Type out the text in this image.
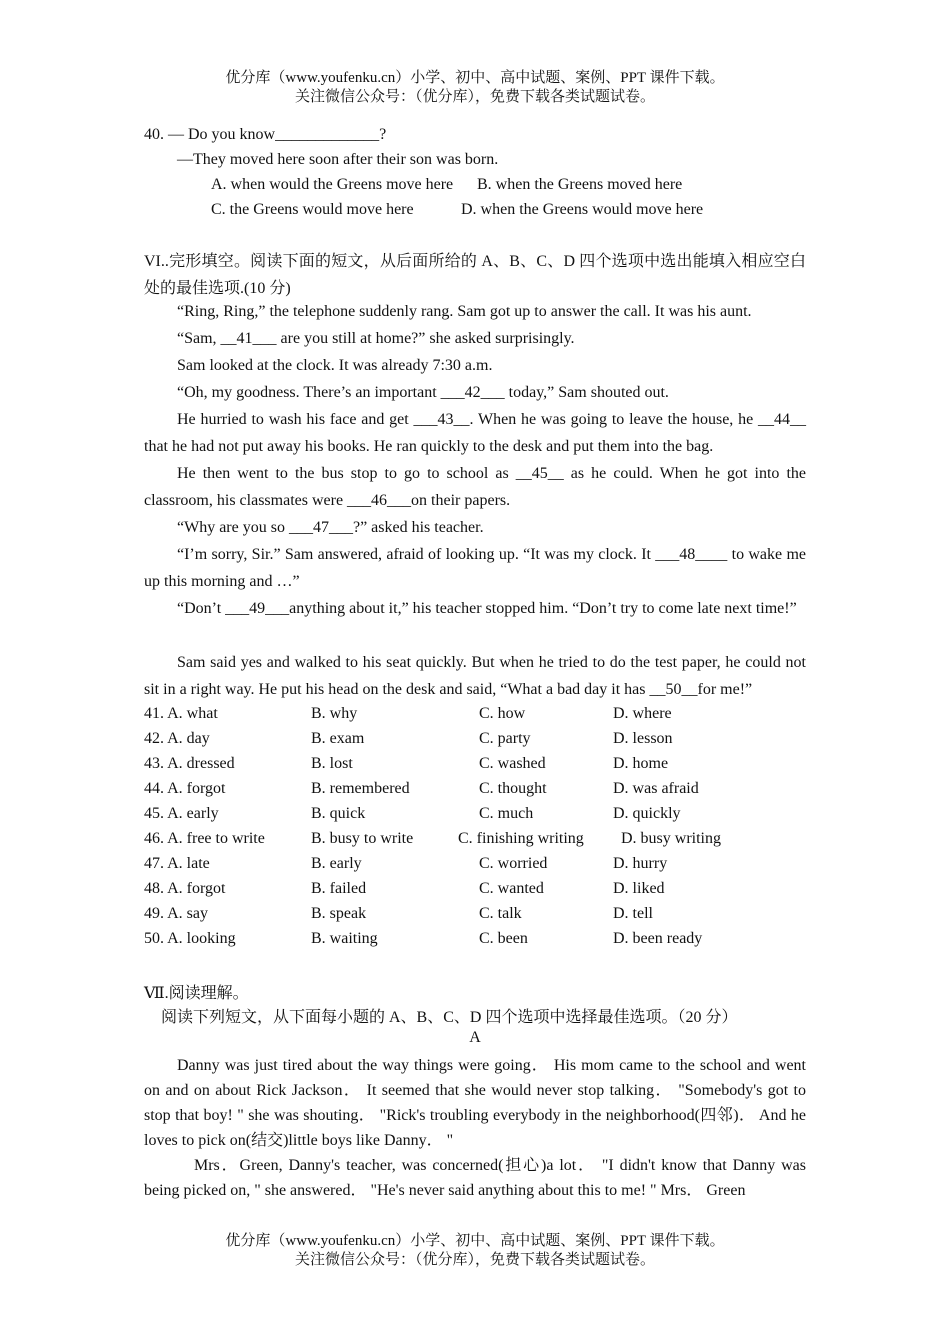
优分库（www.youfenku.cn）小学、初中、高中试题、案例、PPT 课件下载。
关注微信公众号：（优分库），免费下载各类试题试卷。
40. — Do you know_____________?
—They moved here soon after their son was born.
A. when would the Greens move here B. when the Greens moved here
C. the Greens would move here	D. when the Greens would move here
VI..完形填空。阅读下面的短文，从后面所给的 A、B、C、D 四个选项中选出能填入相应空白处的最佳选项.(10 分)
“Ring, Ring,” the telephone suddenly rang. Sam got up to answer the call. It was his aunt.
“Sam, __41___ are you still at home?” she asked surprisingly.
Sam looked at the clock. It was already 7:30 a.m.
“Oh, my goodness. There’s an important ___42___ today,” Sam shouted out.
He hurried to wash his face and get ___43__. When he was going to leave the house, he __44__ that he had not put away his books. He ran quickly to the desk and put them into the bag.
He then went to the bus stop to go to school as __45__ as he could. When he got into the classroom, his classmates were ___46___on their papers.
“Why are you so ___47___?” asked his teacher.
“I’m sorry, Sir.” Sam answered, afraid of looking up. “It was my clock. It ___48____ to wake me up this morning and …”
“Don’t ___49___anything about it,” his teacher stopped him. “Don’t try to come late next time!”
Sam said yes and walked to his seat quickly. But when he tried to do the test paper, he could not sit in a right way. He put his head on the desk and said, “What a bad day it has __50__for me!”
41. A. what	B. why	C. how	D. where
42. A. day	B. exam	C. party	D. lesson
43. A. dressed	B. lost	C. washed	D. home
44. A. forgot	B. remembered	C. thought	D. was afraid
45. A. early	B. quick	C. much	D. quickly
46. A. free to write	B. busy to write	C. finishing writing D. busy writing
47. A. late	B. early	C. worried	D. hurry
48. A. forgot	B. failed	C. wanted	D. liked
49. A. say	B. speak	C. talk	D. tell
50. A. looking	B. waiting	C. been	D. been ready
Ⅶ.阅读理解。
阅读下列短文，从下面每小题的 A、B、C、D 四个选项中选择最佳选项。（20 分）
A
Danny was just tired about the way things were going． His mom came to the school and went on and on about Rick Jackson． It seemed that she would never stop talking． "Somebody's got to stop that boy! " she was shouting． "Rick's troubling everybody in the neighborhood(四邻)． And he loves to pick on(结交)little boys like Danny． "
Mrs．Green, Danny's teacher, was concerned(担心)a lot． "I didn't know that Danny was being picked on, " she answered． "He's never said anything about this to me! " Mrs． Green
优分库（www.youfenku.cn）小学、初中、高中试题、案例、PPT 课件下载。
关注微信公众号：（优分库），免费下载各类试题试卷。
